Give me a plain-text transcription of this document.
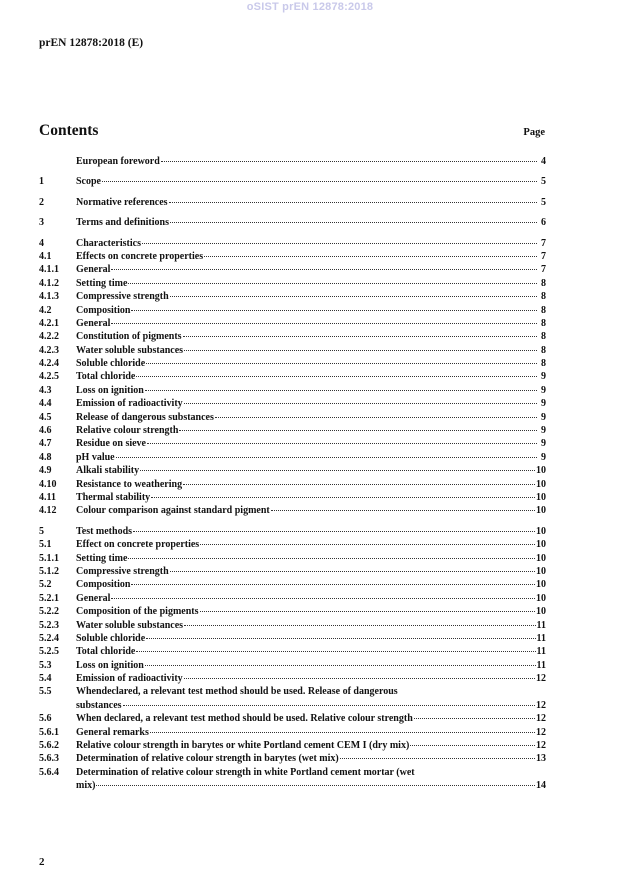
oSIST prEN 12878:2018
prEN 12878:2018 (E)
Contents	Page
European foreword	4
1	Scope	5
2	Normative references	5
3	Terms and definitions	6
4	Characteristics	7
4.1	Effects on concrete properties	7
4.1.1	General	7
4.1.2	Setting time	8
4.1.3	Compressive strength	8
4.2	Composition	8
4.2.1	General	8
4.2.2	Constitution of pigments	8
4.2.3	Water soluble substances	8
4.2.4	Soluble chloride	8
4.2.5	Total chloride	9
4.3	Loss on ignition	9
4.4	Emission of radioactivity	9
4.5	Release of dangerous substances	9
4.6	Relative colour strength	9
4.7	Residue on sieve	9
4.8	pH value	9
4.9	Alkali stability	10
4.10	Resistance to weathering	10
4.11	Thermal stability	10
4.12	Colour comparison against standard pigment	10
5	Test methods	10
5.1	Effect on concrete properties	10
5.1.1	Setting time	10
5.1.2	Compressive strength	10
5.2	Composition	10
5.2.1	General	10
5.2.2	Composition of the pigments	10
5.2.3	Water soluble substances	11
5.2.4	Soluble chloride	11
5.2.5	Total chloride	11
5.3	Loss on ignition	11
5.4	Emission of radioactivity	12
5.5	Whendeclared, a relevant test method should be used. Release of dangerous
substances	12
5.6	When declared, a relevant test method should be used. Relative colour strength	12
5.6.1	General remarks	12
5.6.2	Relative colour strength in barytes or white Portland cement CEM I (dry mix)	12
5.6.3	Determination of relative colour strength in barytes (wet mix)	13
5.6.4	Determination of relative colour strength in white Portland cement mortar (wet
mix)	14
2
